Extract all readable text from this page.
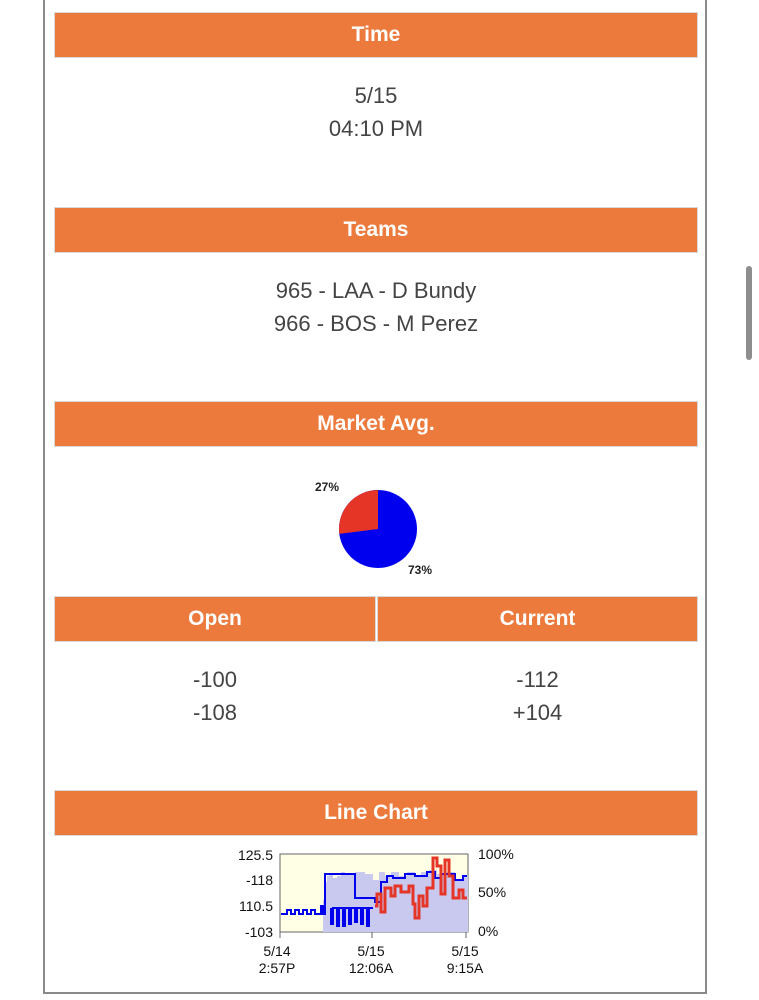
Time
5/15
04:10 PM
Teams
965 - LAA - D Bundy
966 - BOS - M Perez
Market Avg.
27%
73%
Open	Current
-100
-108
-112
+104
Line Chart
125.5
-118
110.5
-103
100%
50%
0%
5/14
2:57P
5/15
12:06A
5/15
9:15A
